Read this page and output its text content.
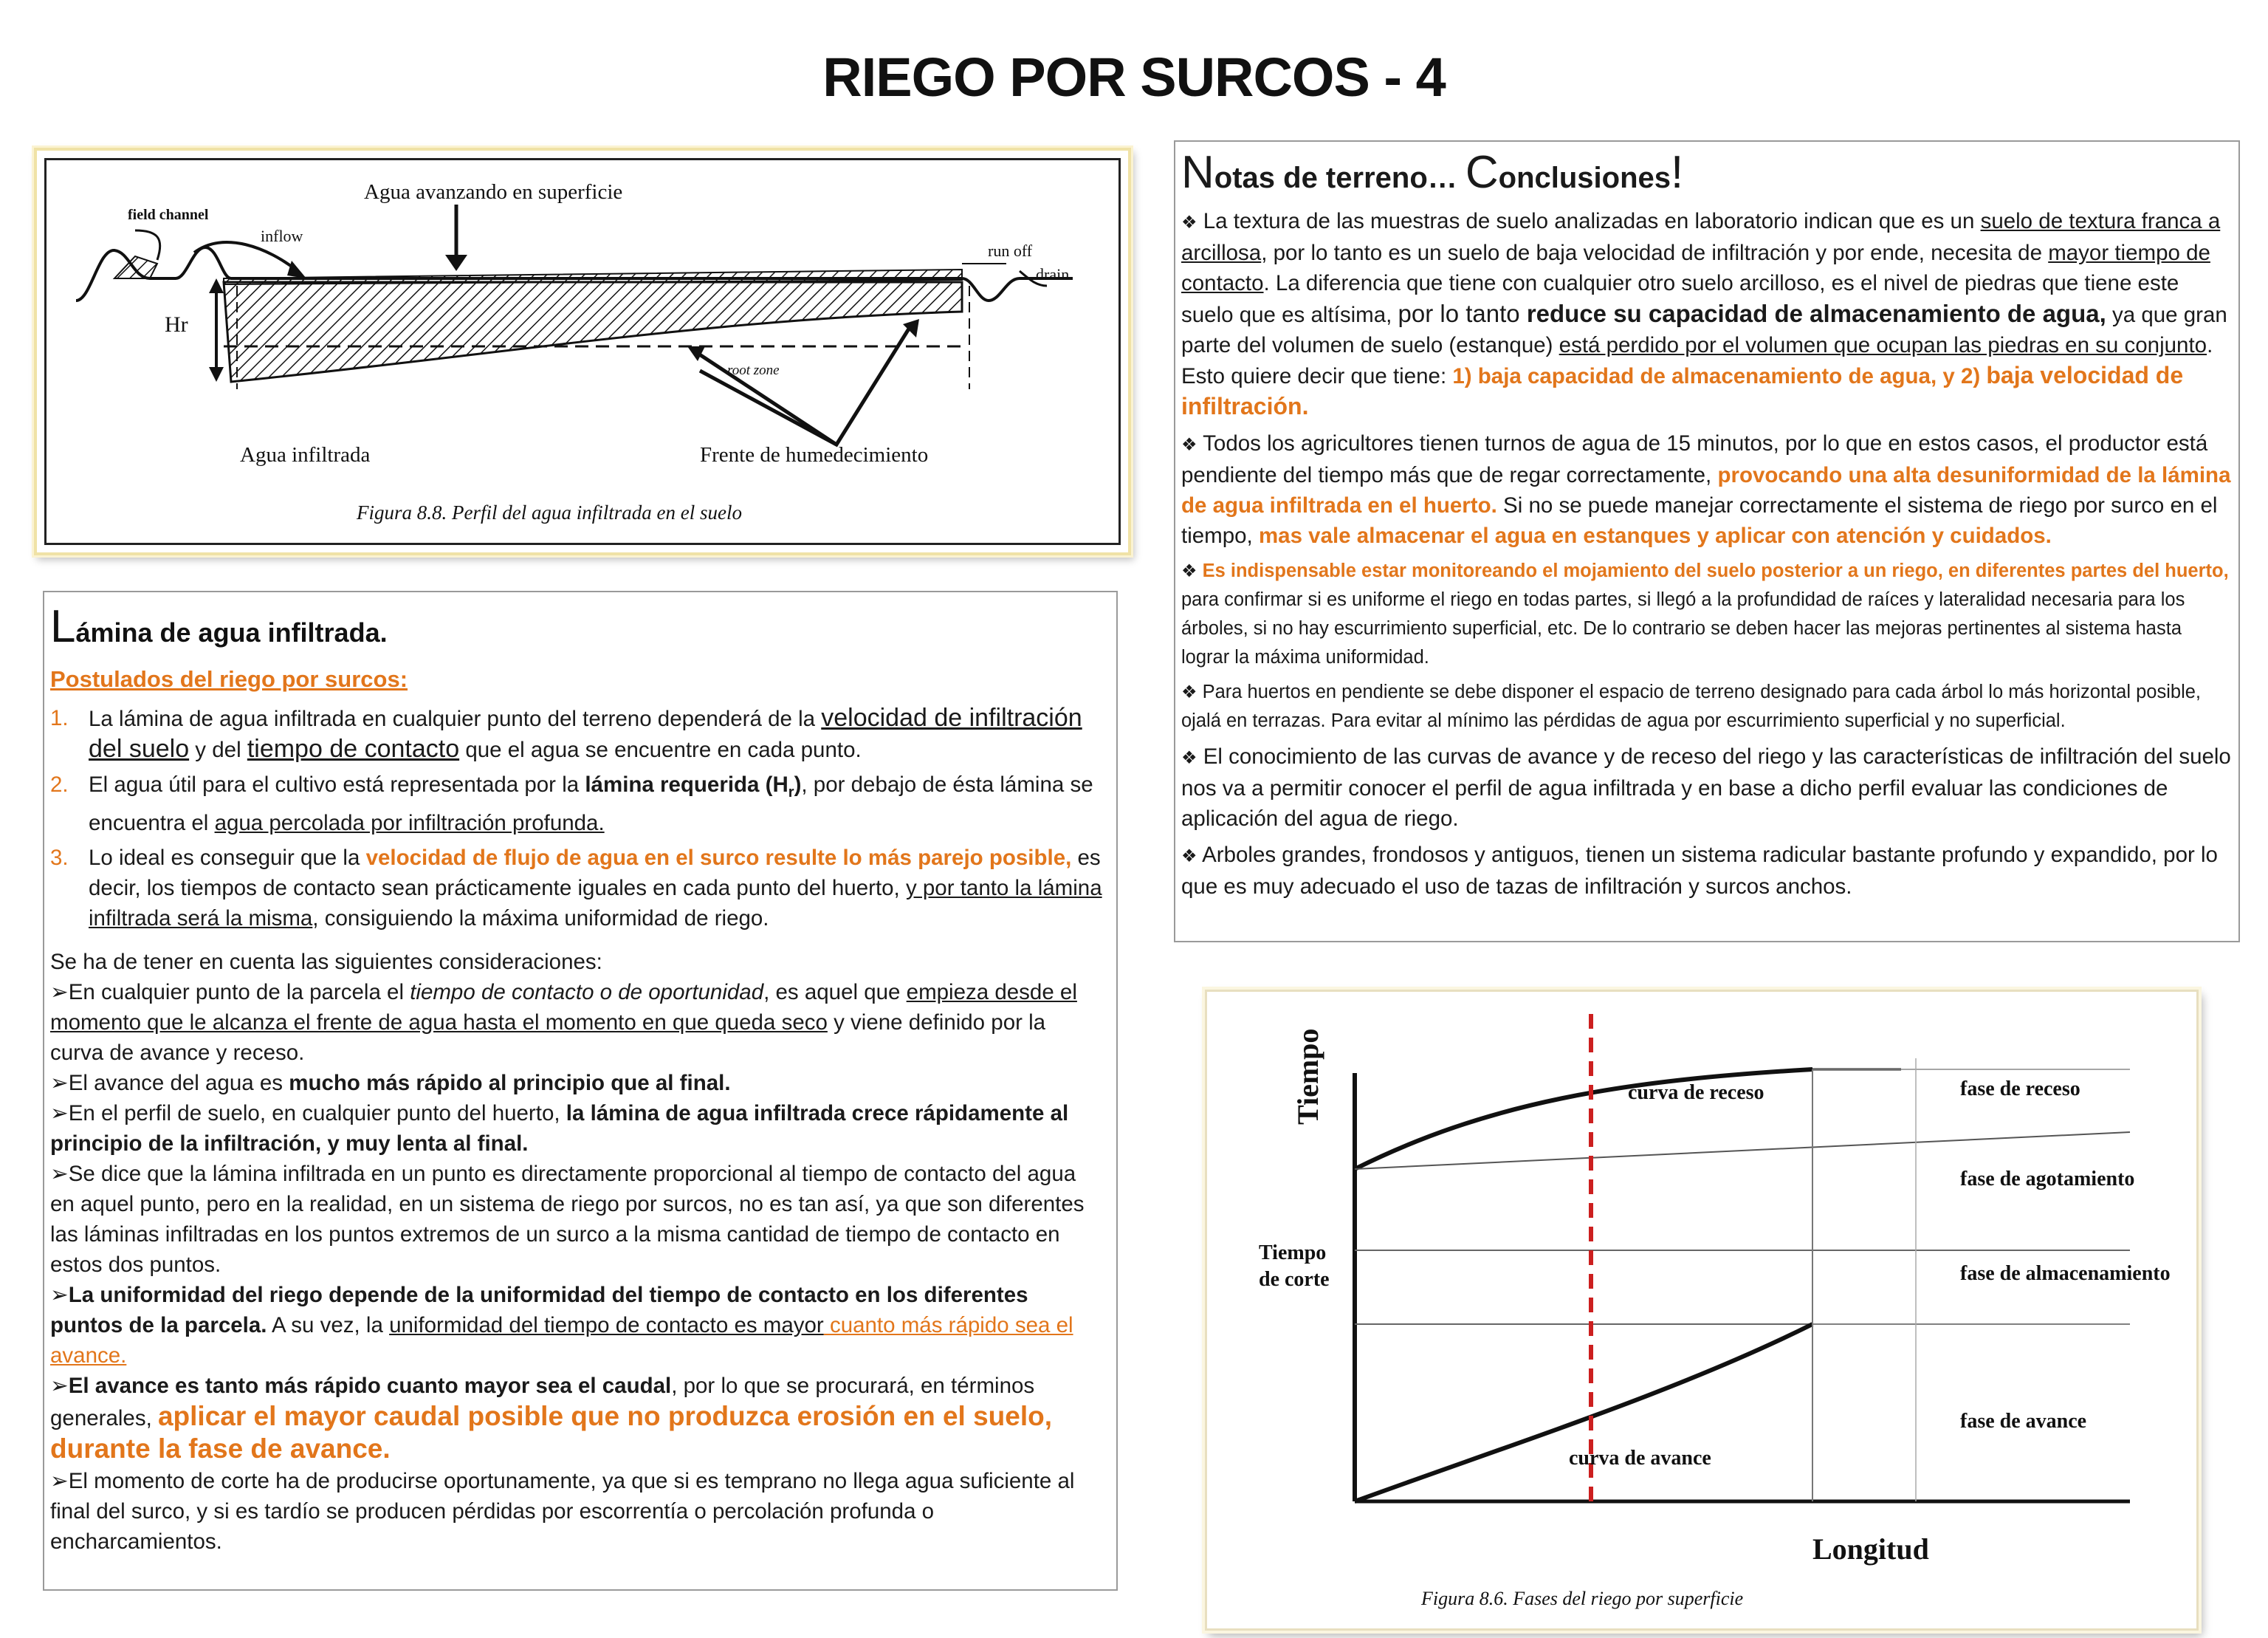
RIEGO POR SURCOS - 4
Agua avanzando en superficie
field channel
inflow
run off
drain
Hr
root zone
Agua infiltrada	Frente de humedecimiento
Figura 8.8. Perfil del agua infiltrada en el suelo
Lámina de agua infiltrada.
Postulados del riego por surcos:
1. La lámina de agua infiltrada en cualquier punto del terreno dependerá de la velocidad de infiltración del suelo y del tiempo de contacto que el agua se encuentre en cada punto.
2. El agua útil para el cultivo está representada por la lámina requerida $(H_r)$, por debajo de ésta lámina se encuentra el agua percolada por infiltración profunda.
3. Lo ideal es conseguir que la velocidad de flujo de agua en el surco resulte lo más parejo posible, es decir, los tiempos de contacto sean prácticamente iguales en cada punto del huerto, y por tanto la lámina infiltrada será la misma, consiguiendo la máxima uniformidad de riego.

Se ha de tener en cuenta las siguientes consideraciones:

➢En cualquier punto de la parcela el tiempo de contacto o de oportunidad, es aquel que empieza desde el momento que le alcanza el frente de agua hasta el momento en que queda seco y viene definido por la curva de avance y receso.

➢El avance del agua es mucho más rápido al principio que al final.

➢En el perfil de suelo, en cualquier punto del huerto, la lámina de agua infiltrada crece rápidamente al principio de la infiltración, y muy lenta al final.

➢Se dice que la lámina infiltrada en un punto es directamente proporcional al tiempo de contacto del agua en aquel punto, pero en la realidad, en un sistema de riego por surcos, no es tan así, ya que son diferentes las láminas infiltradas en los puntos extremos de un surco a la misma cantidad de tiempo de contacto en estos dos puntos.

➢La uniformidad del riego depende de la uniformidad del tiempo de contacto en los diferentes puntos de la parcela. A su vez, la uniformidad del tiempo de contacto es mayor cuanto más rápido sea el avance.

➢El avance es tanto más rápido cuanto mayor sea el caudal, por lo que se procurará, en términos generales, aplicar el mayor caudal posible que no produzca erosión en el suelo, durante la fase de avance.

➢El momento de corte ha de producirse oportunamente, ya que si es temprano no llega agua suficiente al final del surco, y si es tardío se producen pérdidas por escorrentía o percolación profunda o encharcamientos.

Notas de terreno… Conclusiones!

❖ La textura de las muestras de suelo analizadas en laboratorio indican que es un suelo de textura franca a arcillosa, por lo tanto es un suelo de baja velocidad de infiltración y por ende, necesita de mayor tiempo de contacto. La diferencia que tiene con cualquier otro suelo arcilloso, es el nivel de piedras que tiene este suelo que es altísima, por lo tanto reduce su capacidad de almacenamiento de agua, ya que gran parte del volumen de suelo (estanque) está perdido por el volumen que ocupan las piedras en su conjunto. Esto quiere decir que tiene: 1) baja capacidad de almacenamiento de agua, y 2) baja velocidad de infiltración.

❖ Todos los agricultores tienen turnos de agua de 15 minutos, por lo que en estos casos, el productor está pendiente del tiempo más que de regar correctamente, provocando una alta desuniformidad de la lámina de agua infiltrada en el huerto. Si no se puede manejar correctamente el sistema de riego por surco en el tiempo, mas vale almacenar el agua en estanques y aplicar con atención y cuidados.

❖ Es indispensable estar monitoreando el mojamiento del suelo posterior a un riego, en diferentes partes del huerto, para confirmar si es uniforme el riego en todas partes, si llegó a la profundidad de raíces y lateralidad necesaria para los árboles, si no hay escurrimiento superficial, etc. De lo contrario se deben hacer las mejoras pertinentes al sistema hasta lograr la máxima uniformidad.

❖ Para huertos en pendiente se debe disponer el espacio de terreno designado para cada árbol lo más horizontal posible, ojalá en terrazas. Para evitar al mínimo las pérdidas de agua por escurrimiento superficial y no superficial.

❖ El conocimiento de las curvas de avance y de receso del riego y las características de infiltración del suelo nos va a permitir conocer el perfil de agua infiltrada y en base a dicho perfil evaluar las condiciones de aplicación del agua de riego.

❖ Arboles grandes, frondosos y antiguos, tienen un sistema radicular bastante profundo y expandido, por lo que es muy adecuado el uso de tazas de infiltración y surcos anchos.

Tiempo
Longitud
Tiempo
de corte
curva de receso
curva de avance
fase de receso
fase de agotamiento
fase de almacenamiento
fase de avance
Figura 8.6. Fases del riego por superficie
